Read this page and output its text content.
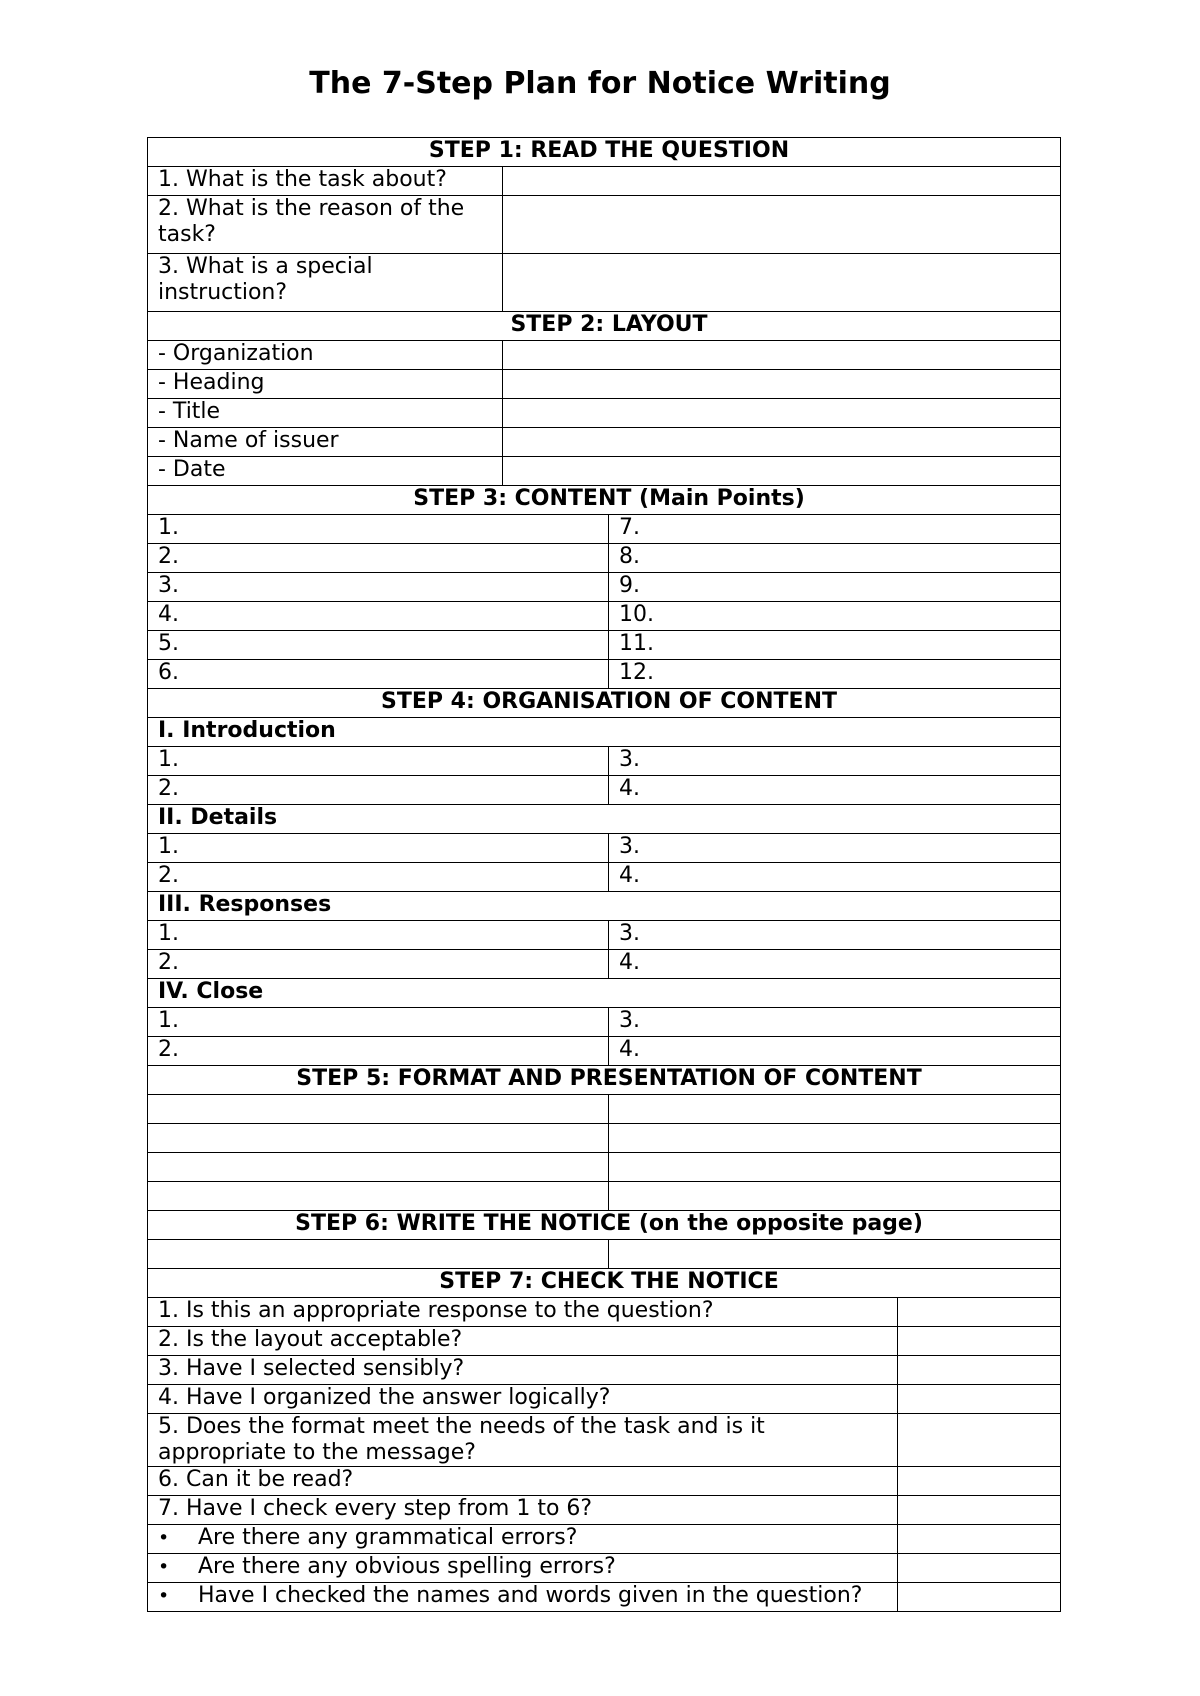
The 7-Step Plan for Notice Writing
STEP 1: READ THE QUESTION			
1. What is the task about?			
2. What is the reason of the task?			
3. What is a special instruction?			
STEP 2: LAYOUT			
- Organization			
- Heading			
- Title			
- Name of issuer			
- Date			
STEP 3: CONTENT (Main Points)			
1.		7.	
2.		8.	
3.		9.	
4.		10.	
5.		11.	
6.		12.	
STEP 4: ORGANISATION OF CONTENT			
I. Introduction			
1.		3.	
2.		4.	
II. Details			
1.		3.	
2.		4.	
III. Responses			
1.		3.	
2.		4.	
IV. Close			
1.		3.	
2.		4.	
STEP 5: FORMAT AND PRESENTATION OF CONTENT			

STEP 6: WRITE THE NOTICE (on the opposite page)			

STEP 7: CHECK THE NOTICE			
1. Is this an appropriate response to the question?			
2. Is the layout acceptable?			
3. Have I selected sensibly?			
4. Have I organized the answer logically?			
5. Does the format meet the needs of the task and is it appropriate to the message?			
6. Can it be read?			
7. Have I check every step from 1 to 6?			
• Are there any grammatical errors?	
• Are there any obvious spelling errors?	
• Have I checked the names and words given in the question?	
